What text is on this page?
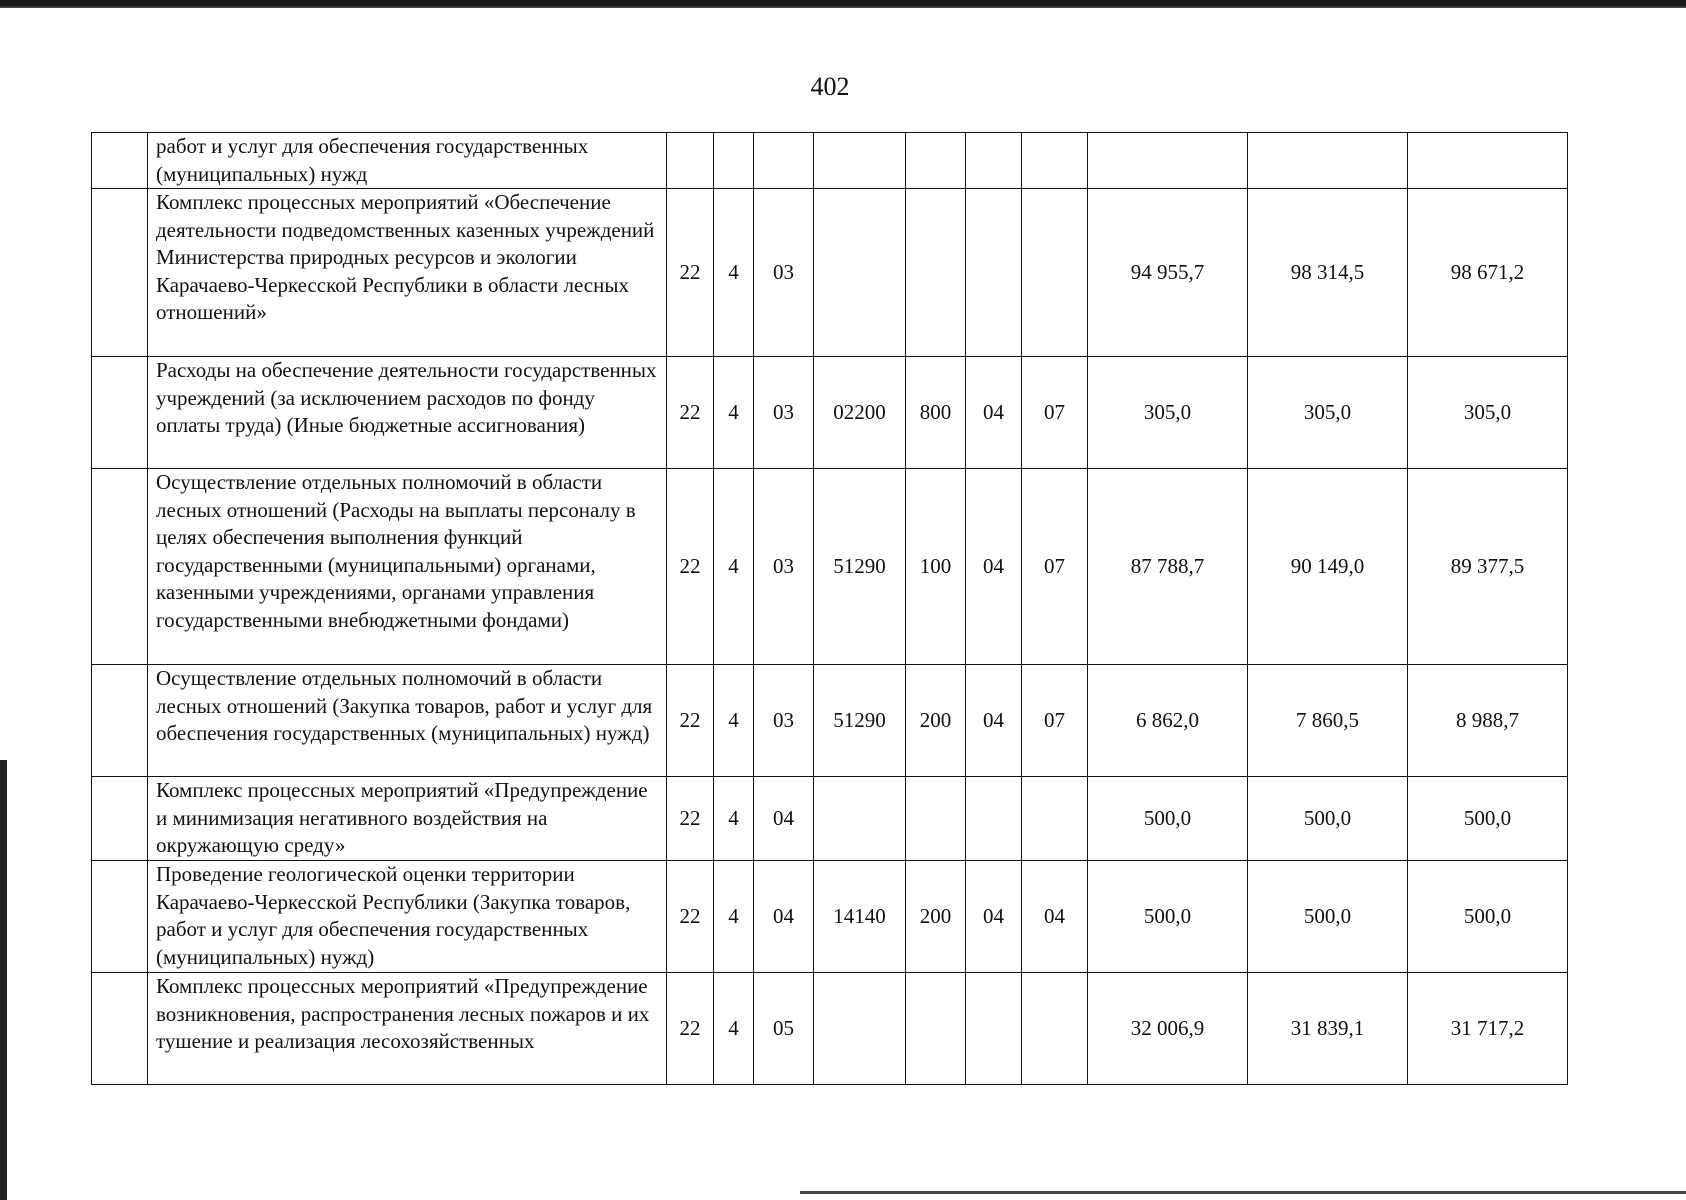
402
	работ и услуг для обеспечения государственных (муниципальных) нужд										
	Комплекс процессных мероприятий «Обеспечение деятельности подведомственных казенных учреждений Министерства природных ресурсов и экологии Карачаево-Черкесской Республики в области лесных отношений»	22	4	03					94 955,7	98 314,5	98 671,2
	Расходы на обеспечение деятельности государственных учреждений (за исключением расходов по фонду оплаты труда) (Иные бюджетные ассигнования)	22	4	03	02200	800	04	07	305,0	305,0	305,0
	Осуществление отдельных полномочий в области лесных отношений (Расходы на выплаты персоналу в целях обеспечения выполнения функций государственными (муниципальными) органами, казенными учреждениями, органами управления государственными внебюджетными фондами)	22	4	03	51290	100	04	07	87 788,7	90 149,0	89 377,5
	Осуществление отдельных полномочий в области лесных отношений (Закупка товаров, работ и услуг для обеспечения государственных (муниципальных) нужд)	22	4	03	51290	200	04	07	6 862,0	7 860,5	8 988,7
	Комплекс процессных мероприятий «Предупреждение и минимизация негативного воздействия на окружающую среду»	22	4	04					500,0	500,0	500,0
	Проведение геологической оценки территории Карачаево-Черкесской Республики (Закупка товаров, работ и услуг для обеспечения государственных (муниципальных) нужд)	22	4	04	14140	200	04	04	500,0	500,0	500,0
	Комплекс процессных мероприятий «Предупреждение возникновения, распространения лесных пожаров и их тушение и реализация лесохозяйственных	22	4	05					32 006,9	31 839,1	31 717,2
